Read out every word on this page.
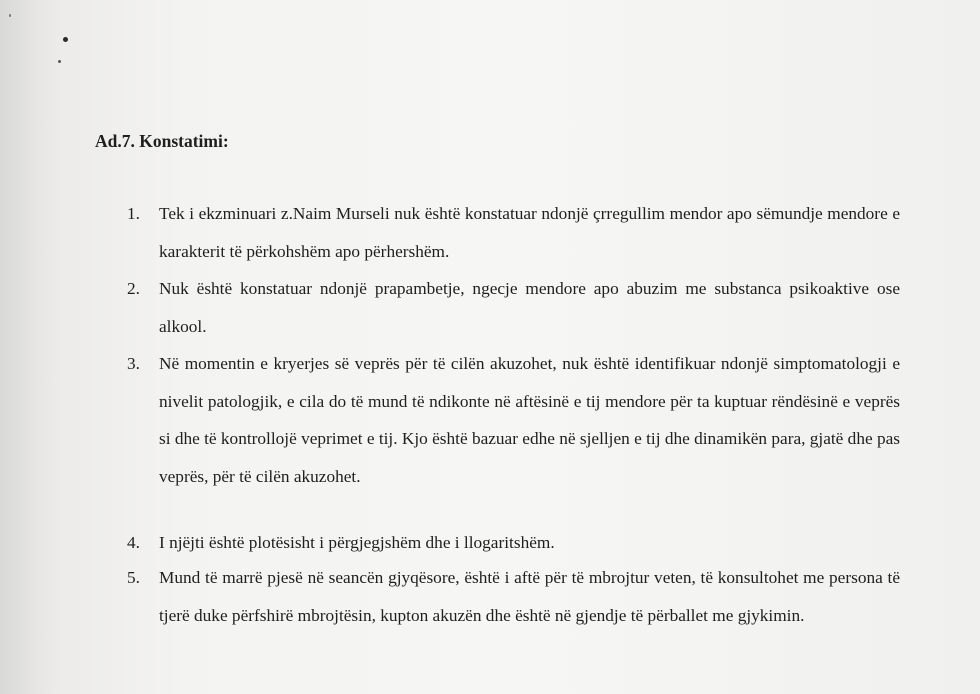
Ad.7. Konstatimi:
1.	Tek i ekzminuari z.Naim Murseli nuk është konstatuar ndonjë çrregullim mendor apo sëmundje mendore e karakterit të përkohshëm apo përhershëm.
2.	Nuk është konstatuar ndonjë prapambetje, ngecje mendore apo abuzim me substanca psikoaktive ose alkool.
3.	Në momentin e kryerjes së veprës për të cilën akuzohet, nuk është identifikuar ndonjë simptomatologji e nivelit patologjik, e cila do të mund të ndikonte në aftësinë e tij mendore për ta kuptuar rëndësinë e veprës si dhe të kontrollojë veprimet e tij. Kjo është bazuar edhe në sjelljen e tij dhe dinamikën para, gjatë dhe pas veprës, për të cilën akuzohet.
4.	I njëjti është plotësisht i përgjegjshëm dhe i llogaritshëm.
5.	Mund të marrë pjesë në seancën gjyqësore, është i aftë për të mbrojtur veten, të konsultohet me persona të tjerë duke përfshirë mbrojtësin, kupton akuzën dhe është në gjendje të përballet me gjykimin.
